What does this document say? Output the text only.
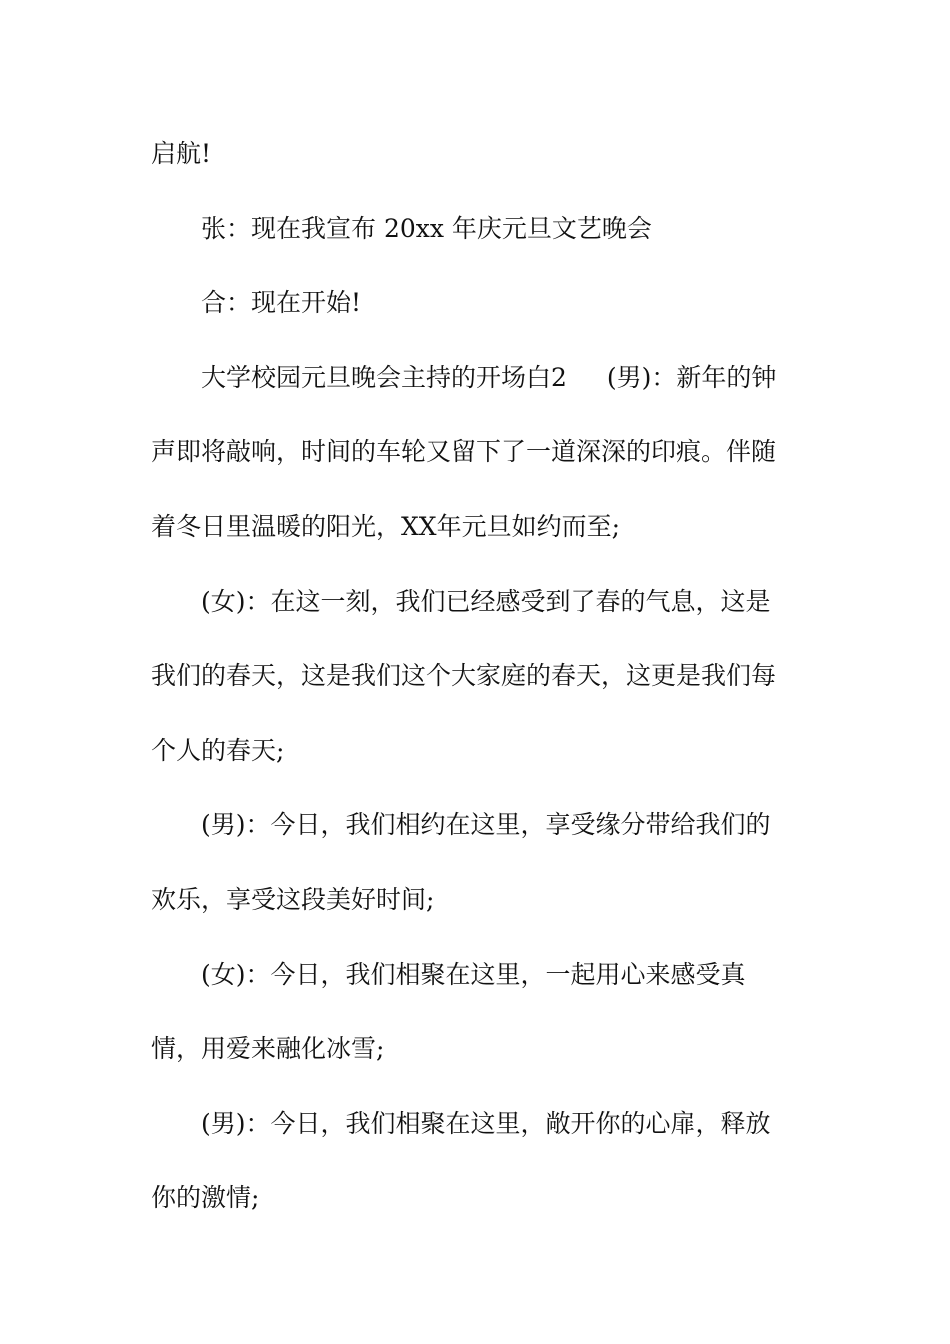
启航!
张：现在我宣布 20xx 年庆元旦文艺晚会
合：现在开始!
大学校园元旦晚会主持的开场白2 (男)：新年的钟
声即将敲响，时间的车轮又留下了一道深深的印痕。伴随
着冬日里温暖的阳光，XX年元旦如约而至;
(女)：在这一刻，我们已经感受到了春的气息，这是
我们的春天，这是我们这个大家庭的春天，这更是我们每
个人的春天;
(男)：今日，我们相约在这里，享受缘分带给我们的
欢乐，享受这段美好时间;
(女)：今日，我们相聚在这里，一起用心来感受真
情，用爱来融化冰雪;
(男)：今日，我们相聚在这里，敞开你的心扉，释放
你的激情;
